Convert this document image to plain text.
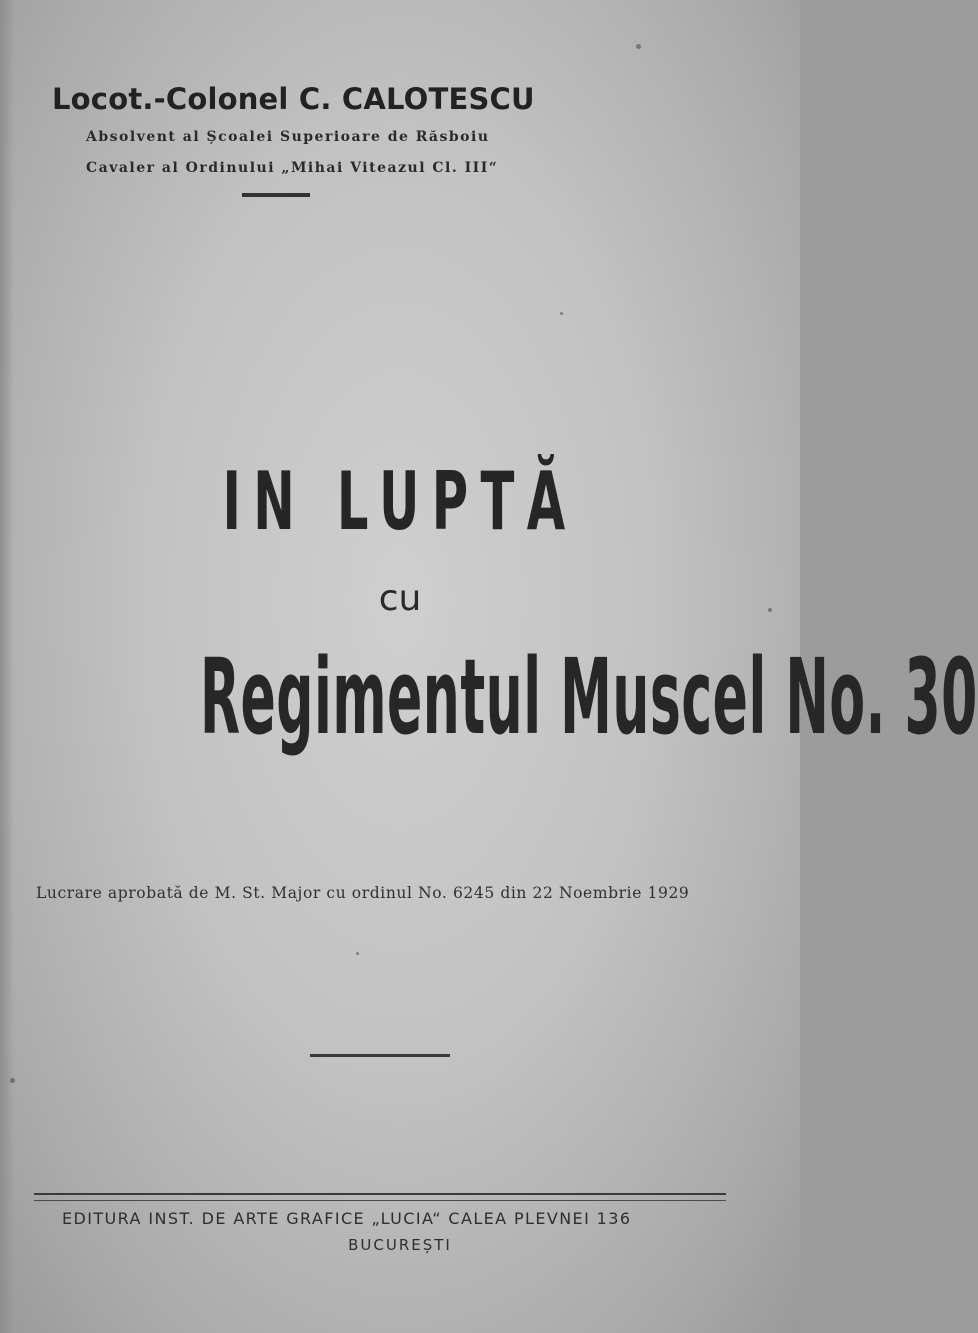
Locot.-Colonel C. CALOTESCU
Absolvent al Școalei Superioare de Răsboiu
Cavaler al Ordinului „Mihai Viteazul Cl. III“
IN LUPTĂ
cu
Regimentul Muscel No. 30
Lucrare aprobată de M. St. Major cu ordinul No. 6245 din 22 Noembrie 1929
EDITURA INST. DE ARTE GRAFICE „LUCIA“ CALEA PLEVNEI 136
BUCUREȘTI
